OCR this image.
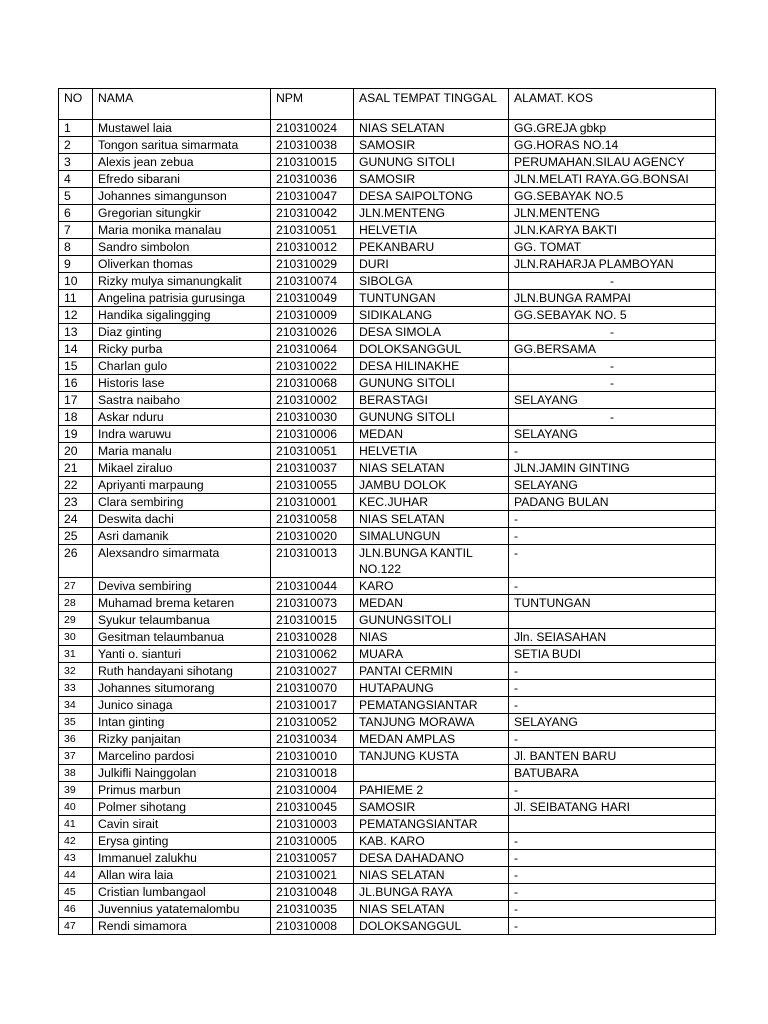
NO	NAMA	NPM	ASAL TEMPAT TINGGAL	ALAMAT. KOS
1	Mustawel laia	210310024	NIAS SELATAN	GG.GREJA gbkp
2	Tongon saritua simarmata	210310038	SAMOSIR	GG.HORAS NO.14
3	Alexis jean zebua	210310015	GUNUNG SITOLI	PERUMAHAN.SILAU AGENCY
4	Efredo sibarani	210310036	SAMOSIR	JLN.MELATI RAYA.GG.BONSAI
5	Johannes simangunson	210310047	DESA SAIPOLTONG	GG.SEBAYAK NO.5
6	Gregorian situngkir	210310042	JLN.MENTENG	JLN.MENTENG
7	Maria monika manalau	210310051	HELVETIA	JLN.KARYA BAKTI
8	Sandro simbolon	210310012	PEKANBARU	GG. TOMAT
9	Oliverkan thomas	210310029	DURI	JLN.RAHARJA PLAMBOYAN
10	Rizky mulya simanungkalit	210310074	SIBOLGA	-
11	Angelina patrisia gurusinga	210310049	TUNTUNGAN	JLN.BUNGA RAMPAI
12	Handika sigalingging	210310009	SIDIKALANG	GG.SEBAYAK NO. 5
13	Diaz ginting	210310026	DESA SIMOLA	-
14	Ricky purba	210310064	DOLOKSANGGUL	GG.BERSAMA
15	Charlan gulo	210310022	DESA HILINAKHE	-
16	Historis lase	210310068	GUNUNG SITOLI	-
17	Sastra naibaho	210310002	BERASTAGI	SELAYANG
18	Askar nduru	210310030	GUNUNG SITOLI	-
19	Indra waruwu	210310006	MEDAN	SELAYANG
20	Maria manalu	210310051	HELVETIA	-
21	Mikael ziraluo	210310037	NIAS SELATAN	JLN.JAMIN GINTING
22	Apriyanti marpaung	210310055	JAMBU DOLOK	SELAYANG
23	Clara sembiring	210310001	KEC.JUHAR	PADANG BULAN
24	Deswita dachi	210310058	NIAS SELATAN	-
25	Asri damanik	210310020	SIMALUNGUN	-
26	Alexsandro simarmata	210310013	JLN.BUNGA KANTIL NO.122	-
27	Deviva sembiring	210310044	KARO	-
28	Muhamad brema ketaren	210310073	MEDAN	TUNTUNGAN
29	Syukur telaumbanua	210310015	GUNUNGSITOLI	
30	Gesitman telaumbanua	210310028	NIAS	Jln. SEIASAHAN
31	Yanti o. sianturi	210310062	MUARA	SETIA BUDI
32	Ruth handayani sihotang	210310027	PANTAI CERMIN	-
33	Johannes situmorang	210310070	HUTAPAUNG	-
34	Junico sinaga	210310017	PEMATANGSIANTAR	-
35	Intan ginting	210310052	TANJUNG MORAWA	SELAYANG
36	Rizky panjaitan	210310034	MEDAN AMPLAS	-
37	Marcelino pardosi	210310010	TANJUNG KUSTA	Jl. BANTEN BARU
38	Julkifli Nainggolan	210310018		BATUBARA
39	Primus marbun	210310004	PAHIEME 2	-
40	Polmer sihotang	210310045	SAMOSIR	Jl. SEIBATANG HARI
41	Cavin sirait	210310003	PEMATANGSIANTAR	
42	Erysa ginting	210310005	KAB. KARO	-
43	Immanuel zalukhu	210310057	DESA DAHADANO	-
44	Allan wira laia	210310021	NIAS SELATAN	-
45	Cristian lumbangaol	210310048	JL.BUNGA RAYA	-
46	Juvennius yatatemalombu	210310035	NIAS SELATAN	-
47	Rendi simamora	210310008	DOLOKSANGGUL	-
